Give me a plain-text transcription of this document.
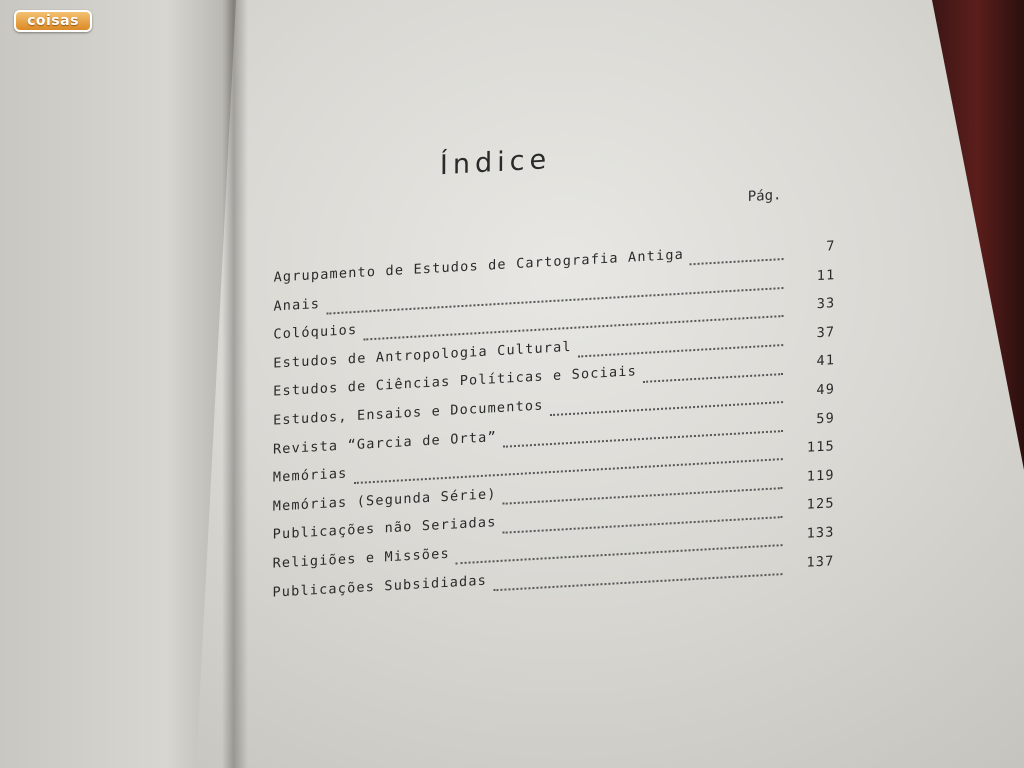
coisas
Índice
Pág.
Agrupamento de Estudos de Cartografia Antiga
7
Anais
11
Colóquios
33
Estudos de Antropologia Cultural
37
Estudos de Ciências Políticas e Sociais
41
Estudos, Ensaios e Documentos
49
Revista “Garcia de Orta”
59
Memórias
115
Memórias (Segunda Série)
119
Publicações não Seriadas
125
Religiões e Missões
133
Publicações Subsidiadas
137
